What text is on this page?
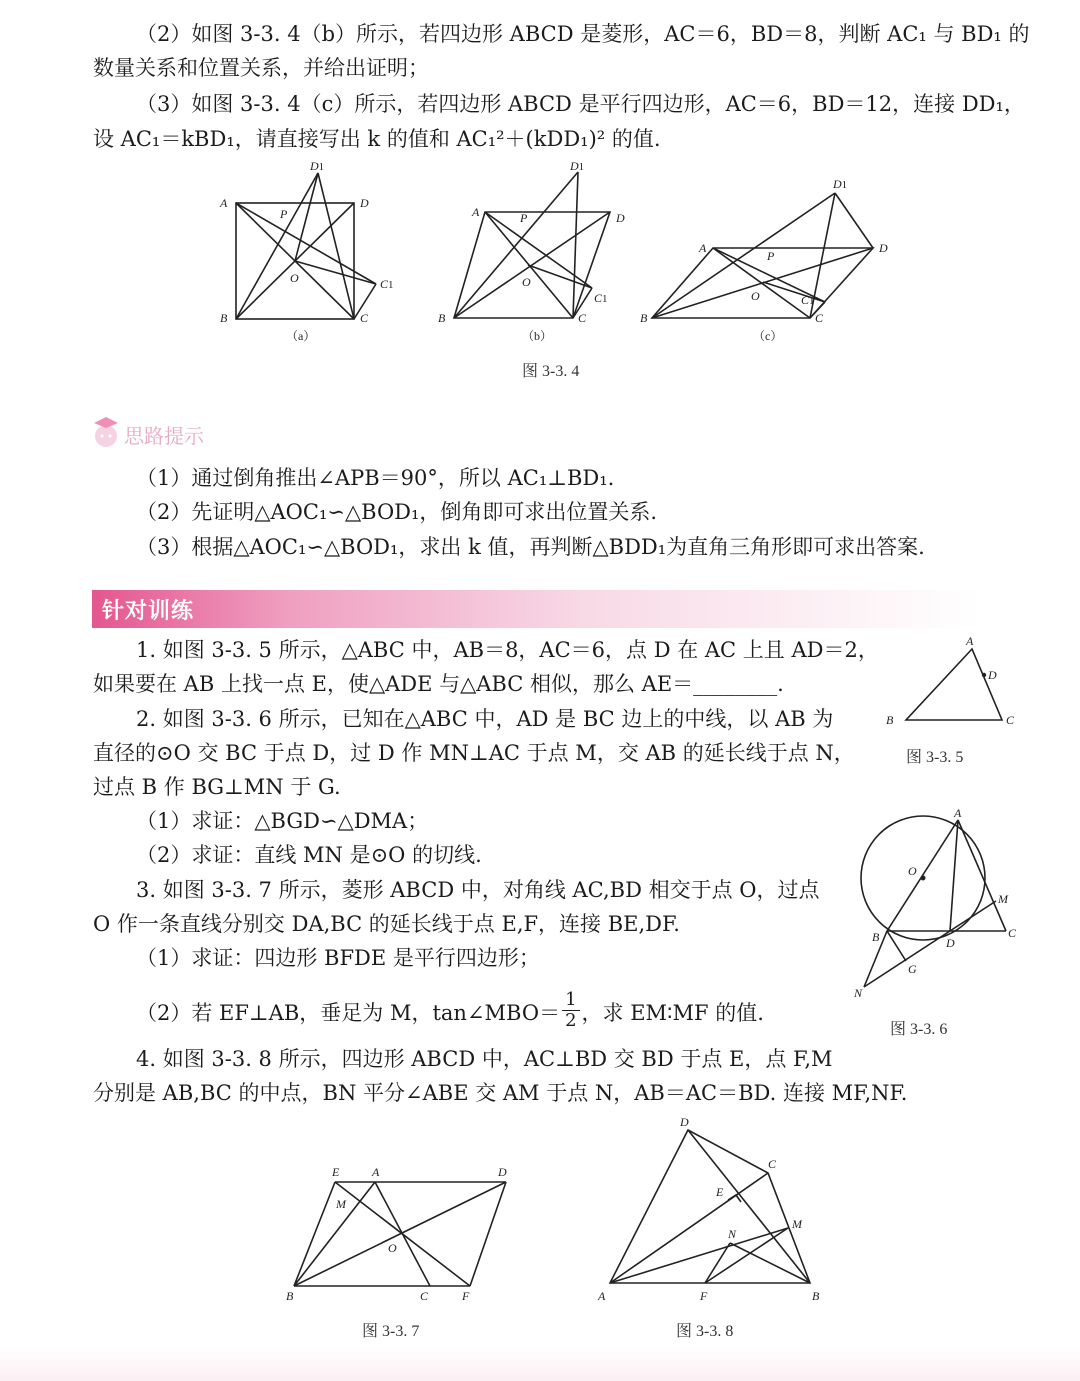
（2）如图 3-3. 4（b）所示，若四边形 ABCD 是菱形，AC＝6，BD＝8，判断 AC₁ 与 BD₁ 的
数量关系和位置关系，并给出证明；
（3）如图 3-3. 4（c）所示，若四边形 ABCD 是平行四边形，AC＝6，BD＝12，连接 DD₁，
设 AC₁＝kBD₁，请直接写出 k 的值和 AC₁²＋(kDD₁)² 的值.
A	D
D1
P
O	C1
B	C
（a）
A	D
D1
P
O
C1
B	C
（b）
A	D
D1
P
O	C1
B	C
（c）
图 3-3. 4
思路提示
（1）通过倒角推出∠APB＝90°，所以 AC₁⊥BD₁.
（2）先证明△AOC₁∽△BOD₁，倒角即可求出位置关系.
（3）根据△AOC₁∽△BOD₁，求出 k 值，再判断△BDD₁为直角三角形即可求出答案.
针对训练
1. 如图 3-3. 5 所示，△ABC 中，AB＝8，AC＝6，点 D 在 AC 上且 AD＝2，
如果要在 AB 上找一点 E，使△ADE 与△ABC 相似，那么 AE＝________.
2. 如图 3-3. 6 所示，已知在△ABC 中，AD 是 BC 边上的中线，以 AB 为
直径的⊙O 交 BC 于点 D，过 D 作 MN⊥AC 于点 M，交 AB 的延长线于点 N，
过点 B 作 BG⊥MN 于 G.
（1）求证：△BGD∽△DMA；
（2）求证：直线 MN 是⊙O 的切线.
3. 如图 3-3. 7 所示，菱形 ABCD 中，对角线 AC,BD 相交于点 O，过点
O 作一条直线分别交 DA,BC 的延长线于点 E,F，连接 BE,DF.
（1）求证：四边形 BFDE 是平行四边形；
（2）若 EF⊥AB，垂足为 M，tan∠MBO＝ $\frac{1}{2}$ ，求 EM∶MF 的值.
4. 如图 3-3. 8 所示，四边形 ABCD 中，AC⊥BD 交 BD 于点 E，点 F,M
分别是 AB,BC 的中点，BN 平分∠ABE 交 AM 于点 N，AB＝AC＝BD. 连接 MF,NF.
A
D
B	C
图 3-3. 5
A
O
M
C
B	D
G
N
图 3-3. 6
E	A	D
M
O
B	C	F
图 3-3. 7
D
C
E
M
N
A	F	B
图 3-3. 8
